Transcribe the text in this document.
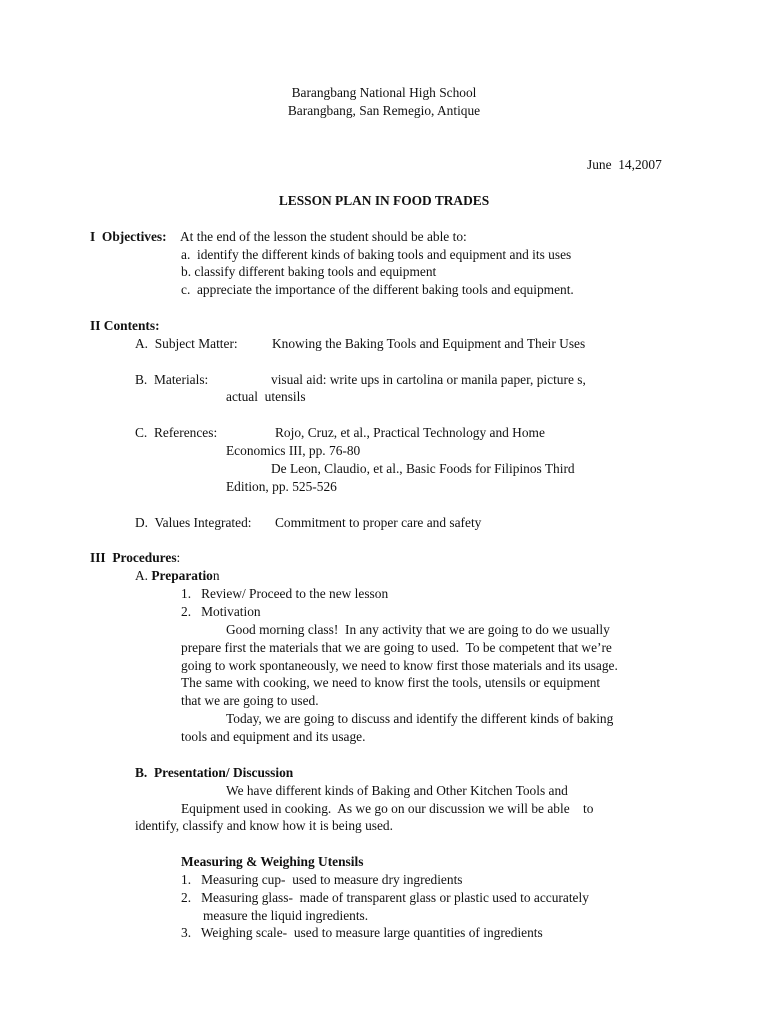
Barangbang National High School
Barangbang, San Remegio, Antique
June  14,2007
LESSON PLAN IN FOOD TRADES
I  Objectives: At the end of the lesson the student should be able to:
a.  identify the different kinds of baking tools and equipment and its uses
b. classify different baking tools and equipment
c.  appreciate the importance of the different baking tools and equipment.
II Contents:
A.  Subject Matter:	Knowing the Baking Tools and Equipment and Their Uses
B.  Materials:	visual aid: write ups in cartolina or manila paper, picture s,
actual  utensils
C.  References:	Rojo, Cruz, et al., Practical Technology and Home
Economics III, pp. 76-80
De Leon, Claudio, et al., Basic Foods for Filipinos Third
Edition, pp. 525-526
D.  Values Integrated: Commitment to proper care and safety
III  Procedures:
A. Preparation
1.   Review/ Proceed to the new lesson
2.   Motivation
Good morning class!  In any activity that we are going to do we usually
prepare first the materials that we are going to used.  To be competent that we’re
going to work spontaneously, we need to know first those materials and its usage.
The same with cooking, we need to know first the tools, utensils or equipment
that we are going to used.
Today, we are going to discuss and identify the different kinds of baking
tools and equipment and its usage.
B.  Presentation/ Discussion
We have different kinds of Baking and Other Kitchen Tools and
Equipment used in cooking.  As we go on our discussion we will be able    to
identify, classify and know how it is being used.
Measuring & Weighing Utensils
1.   Measuring cup-  used to measure dry ingredients
2.   Measuring glass-  made of transparent glass or plastic used to accurately
measure the liquid ingredients.
3.   Weighing scale-  used to measure large quantities of ingredients
